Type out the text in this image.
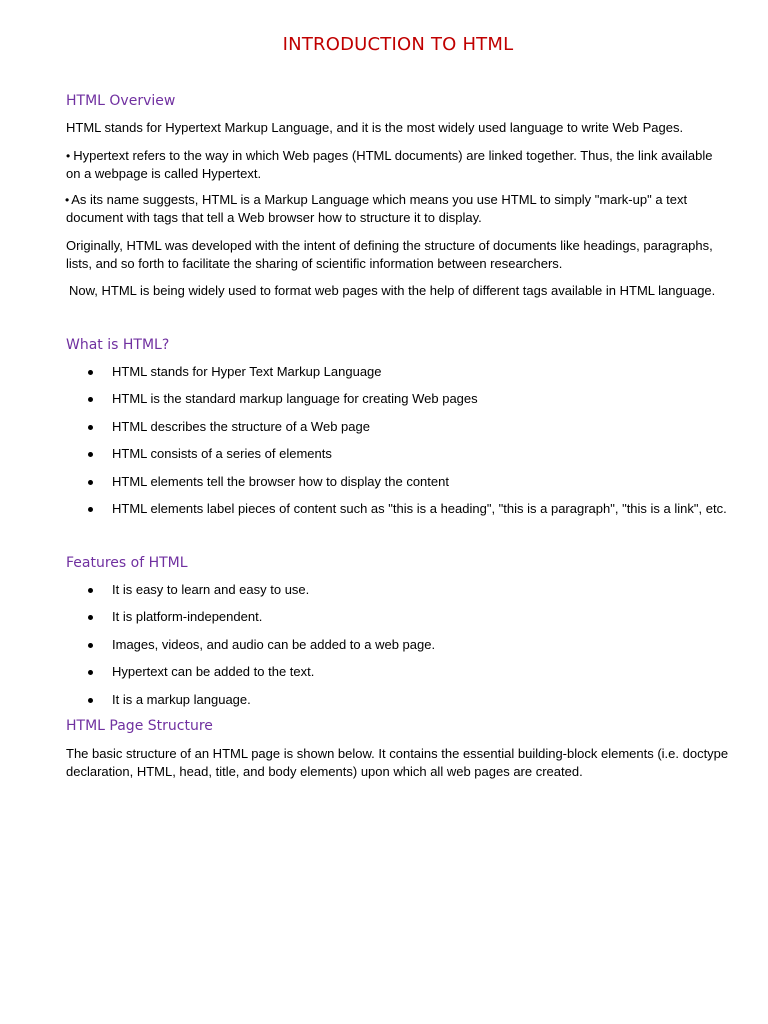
INTRODUCTION TO HTML
HTML Overview

HTML stands for Hypertext Markup Language, and it is the most widely used language to write Web Pages.

• Hypertext refers to the way in which Web pages (HTML documents) are linked together. Thus, the link available on a webpage is called Hypertext.

• As its name suggests, HTML is a Markup Language which means you use HTML to simply "mark-up" a text document with tags that tell a Web browser how to structure it to display.

Originally, HTML was developed with the intent of defining the structure of documents like headings, paragraphs, lists, and so forth to facilitate the sharing of scientific information between researchers.

Now, HTML is being widely used to format web pages with the help of different tags available in HTML language.

What is HTML?
HTML stands for Hyper Text Markup Language
HTML is the standard markup language for creating Web pages
HTML describes the structure of a Web page
HTML consists of a series of elements
HTML elements tell the browser how to display the content
HTML elements label pieces of content such as "this is a heading", "this is a paragraph", "this is a link", etc.
Features of HTML
It is easy to learn and easy to use.
It is platform-independent.
Images, videos, and audio can be added to a web page.
Hypertext can be added to the text.
It is a markup language.
HTML Page Structure

The basic structure of an HTML page is shown below. It contains the essential building-block elements (i.e. doctype declaration, HTML, head, title, and body elements) upon which all web pages are created.
